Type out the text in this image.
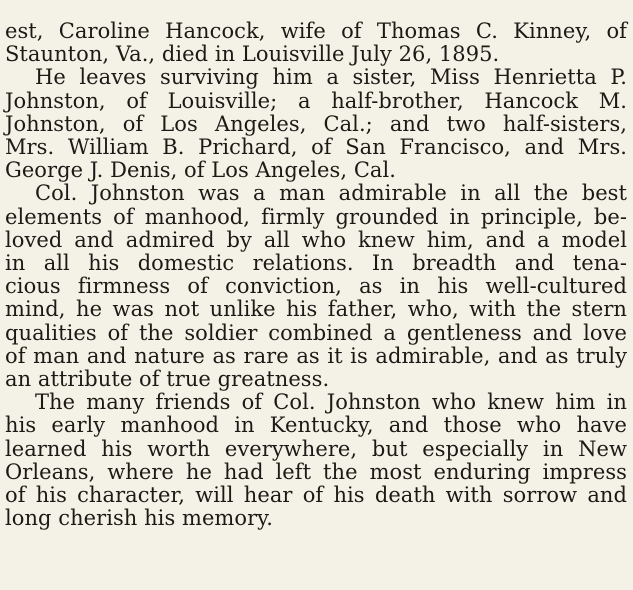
est, Caroline Hancock, wife of Thomas C. Kinney, of
Staunton, Va., died in Louisville July 26, 1895.
He leaves surviving him a sister, Miss Henrietta P.
Johnston, of Louisville; a half-brother, Hancock M.
Johnston, of Los Angeles, Cal.; and two half-sisters,
Mrs. William B. Prichard, of San Francisco, and Mrs.
George J. Denis, of Los Angeles, Cal.
Col. Johnston was a man admirable in all the best
elements of manhood, firmly grounded in principle, be-
loved and admired by all who knew him, and a model
in all his domestic relations. In breadth and tena-
cious firmness of conviction, as in his well-cultured
mind, he was not unlike his father, who, with the stern
qualities of the soldier combined a gentleness and love
of man and nature as rare as it is admirable, and as truly
an attribute of true greatness.
The many friends of Col. Johnston who knew him in
his early manhood in Kentucky, and those who have
learned his worth everywhere, but especially in New
Orleans, where he had left the most enduring impress
of his character, will hear of his death with sorrow and
long cherish his memory.
